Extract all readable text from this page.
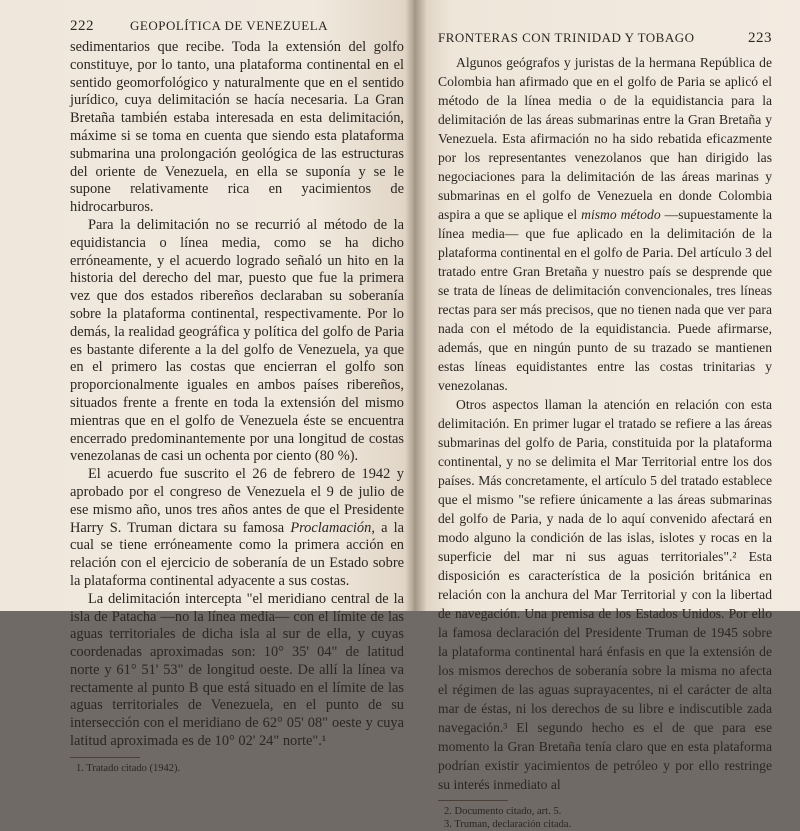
222	GEOPOLÍTICA DE VENEZUELA

sedimentarios que recibe. Toda la extensión del golfo constituye, por lo tanto, una plataforma continental en el sentido geomorfológico y naturalmente que en el sentido jurídico, cuya delimitación se hacía necesaria. La Gran Bretaña también estaba interesada en esta delimitación, máxime si se toma en cuenta que siendo esta plataforma submarina una prolongación geológica de las estructuras del oriente de Venezuela, en ella se suponía y se le supone relativamente rica en yacimientos de hidrocarburos.

Para la delimitación no se recurrió al método de la equidistancia o línea media, como se ha dicho erróneamente, y el acuerdo logrado señaló un hito en la historia del derecho del mar, puesto que fue la primera vez que dos estados ribereños declaraban su soberanía sobre la plataforma continental, respectivamente. Por lo demás, la realidad geográfica y política del golfo de Paria es bastante diferente a la del golfo de Venezuela, ya que en el primero las costas que encierran el golfo son proporcionalmente iguales en ambos países ribereños, situados frente a frente en toda la extensión del mismo mientras que en el golfo de Venezuela éste se encuentra encerrado predominantemente por una longitud de costas venezolanas de casi un ochenta por ciento (80 %).

El acuerdo fue suscrito el 26 de febrero de 1942 y aprobado por el congreso de Venezuela el 9 de julio de ese mismo año, unos tres años antes de que el Presidente Harry S. Truman dictara su famosa Proclamación, a la cual se tiene erróneamente como la primera acción en relación con el ejercicio de soberanía de un Estado sobre la plataforma continental adyacente a sus costas.

La delimitación intercepta "el meridiano central de la isla de Patacha —no la línea media— con el límite de las aguas territoriales de dicha isla al sur de ella, y cuyas coordenadas aproximadas son: 10° 35' 04" de latitud norte y 61° 51' 53" de longitud oeste. De allí la línea va rectamente al punto B que está situado en el límite de las aguas territoriales de Venezuela, en el punto de su intersección con el meridiano de 62° 05' 08" oeste y cuya latitud aproximada es de 10° 02' 24" norte".¹

1. Tratado citado (1942).

FRONTERAS CON TRINIDAD Y TOBAGO	223

Algunos geógrafos y juristas de la hermana República de Colombia han afirmado que en el golfo de Paria se aplicó el método de la línea media o de la equidistancia para la delimitación de las áreas submarinas entre la Gran Bretaña y Venezuela. Esta afirmación no ha sido rebatida eficazmente por los representantes venezolanos que han dirigido las negociaciones para la delimitación de las áreas marinas y submarinas en el golfo de Venezuela en donde Colombia aspira a que se aplique el mismo método —supuestamente la línea media— que fue aplicado en la delimitación de la plataforma continental en el golfo de Paria. Del artículo 3 del tratado entre Gran Bretaña y nuestro país se desprende que se trata de líneas de delimitación convencionales, tres líneas rectas para ser más precisos, que no tienen nada que ver para nada con el método de la equidistancia. Puede afirmarse, además, que en ningún punto de su trazado se mantienen estas líneas equidistantes entre las costas trinitarias y venezolanas.

Otros aspectos llaman la atención en relación con esta delimitación. En primer lugar el tratado se refiere a las áreas submarinas del golfo de Paria, constituida por la plataforma continental, y no se delimita el Mar Territorial entre los dos países. Más concretamente, el artículo 5 del tratado establece que el mismo "se refiere únicamente a las áreas submarinas del golfo de Paria, y nada de lo aquí convenido afectará en modo alguno la condición de las islas, islotes y rocas en la superficie del mar ni sus aguas territoriales".² Esta disposición es característica de la posición británica en relación con la anchura del Mar Territorial y con la libertad de navegación. Una premisa de los Estados Unidos. Por ello la famosa declaración del Presidente Truman de 1945 sobre la plataforma continental hará énfasis en que la extensión de los mismos derechos de soberanía sobre la misma no afecta el régimen de las aguas suprayacentes, ni el carácter de alta mar de éstas, ni los derechos de su libre e indiscutible zada navegación.³ El segundo hecho es el de que para ese momento la Gran Bretaña tenía claro que en esta plataforma podrían existir yacimientos de petróleo y por ello restringe su interés inmediato al

2. Documento citado, art. 5.

3. Truman, declaración citada.
